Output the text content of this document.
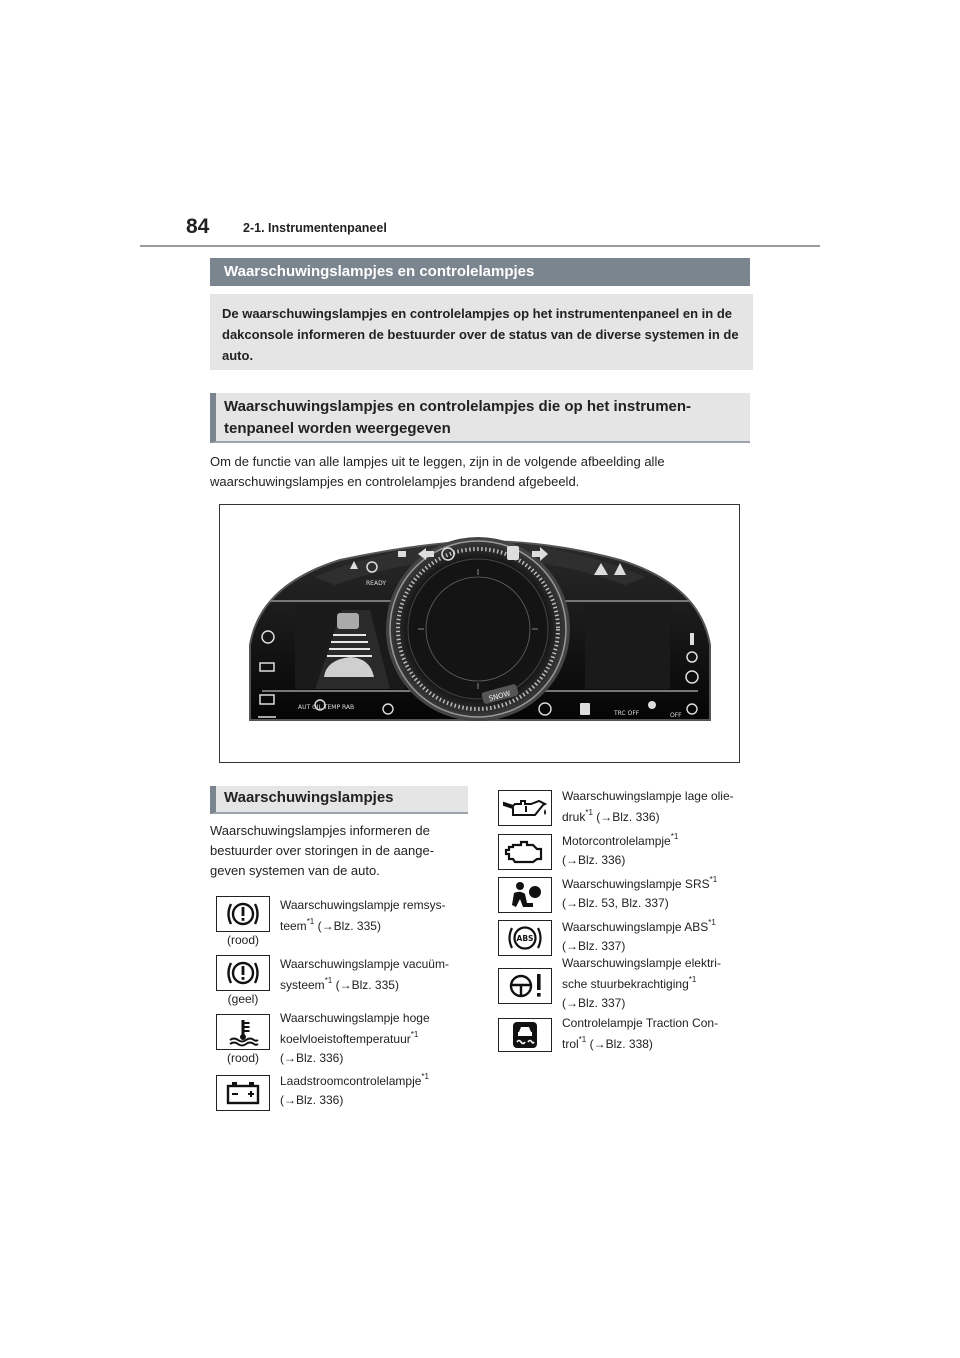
84	2-1. Instrumentenpaneel
Waarschuwingslampjes en controlelampjes
De waarschuwingslampjes en controlelampjes op het instrumentenpaneel en in de dakconsole informeren de bestuurder over de status van de diverse systemen in de auto.
Waarschuwingslampjes en controlelampjes die op het instrumen-
tenpaneel worden weergegeven
Om de functie van alle lampjes uit te leggen, zijn in de volgende afbeelding alle
waarschuwingslampjes en controlelampjes brandend afgebeeld.
SNOW
READY
AUT OIL TEMP RAB
TRC OFF	OFF
Waarschuwingslampjes
Waarschuwingslampjes informeren de
bestuurder over storingen in de aange-
geven systemen van de auto.
Waarschuwingslampje remsys-
teem$^{*1}$ (→Blz. 335)
(rood)
Waarschuwingslampje vacuüm-
systeem$^{*1}$ (→Blz. 335)
(geel)
Waarschuwingslampje hoge
koelvloeistoftemperatuur$^{*1}$

(→Blz. 336)
(rood)
Laadstroomcontrolelampje$^{*1}$

(→Blz. 336)
Waarschuwingslampje lage olie-
druk$^{*1}$ (→Blz. 336)
Motorcontrolelampje$^{*1}$

(→Blz. 336)
Waarschuwingslampje SRS$^{*1}$

(→Blz. 53, Blz. 337)
ABS
Waarschuwingslampje ABS$^{*1}$

(→Blz. 337)
Waarschuwingslampje elektri-
sche stuurbekrachtiging$^{*1}$

(→Blz. 337)
Controlelampje Traction Con-
trol$^{*1}$ (→Blz. 338)
